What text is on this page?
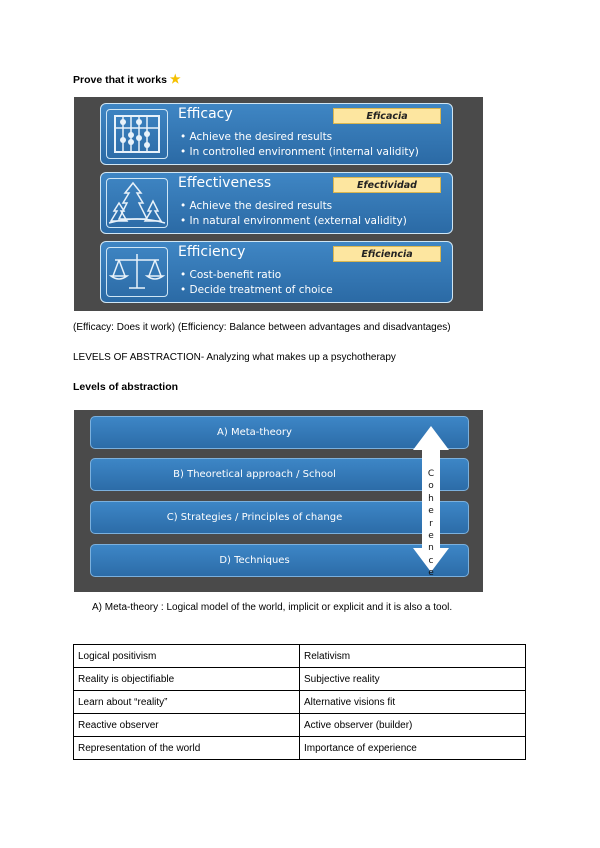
Prove that it works ★
Efficacy
• Achieve the desired results
• In controlled environment (internal validity)
Eficacia
Effectiveness
• Achieve the desired results
• In natural environment (external validity)
Efectividad
Efficiency
• Cost-benefit ratio
• Decide treatment of choice
Eficiencia
(Efficacy: Does it work) (Efficiency: Balance between advantages and disadvantages)
LEVELS OF ABSTRACTION- Analyzing what makes up a psychotherapy
Levels of abstraction
A) Meta-theory
B) Theoretical approach / School
C) Strategies / Principles of change
D) Techniques
C
o
h
e
r
e
n
c
e
A) Meta-theory : Logical model of the world, implicit or explicit and it is also a tool.
Logical positivism	Relativism
Reality is objectifiable	Subjective reality
Learn about “reality”	Alternative visions fit
Reactive observer	Active observer (builder)
Representation of the world	Importance of experience
